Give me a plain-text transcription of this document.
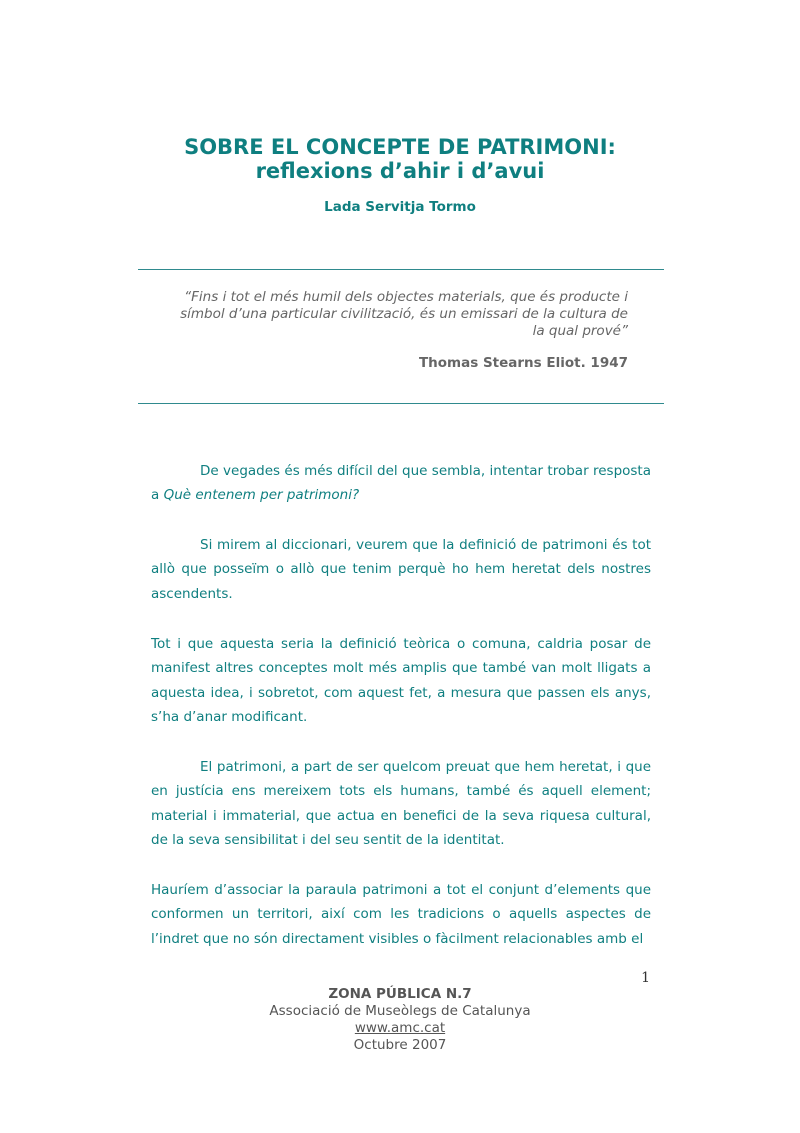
SOBRE EL CONCEPTE DE PATRIMONI:
reflexions d’ahir i d’avui
Lada Servitja Tormo
“Fins i tot el més humil dels objectes materials, que és producte i
símbol d’una particular civilització, és un emissari de la cultura de
la qual prové”
Thomas Stearns Eliot. 1947
De vegades és més difícil del que sembla, intentar trobar resposta a Què entenem per patrimoni?
Si mirem al diccionari, veurem que la definició de patrimoni és tot allò que posseïm o allò que tenim perquè ho hem heretat dels nostres ascendents.
Tot i que aquesta seria la definició teòrica o comuna, caldria posar de manifest altres conceptes molt més amplis que també van molt lligats a aquesta idea, i sobretot, com aquest fet, a mesura que passen els anys, s’ha d’anar modificant.
El patrimoni, a part de ser quelcom preuat que hem heretat, i que en justícia ens mereixem tots els humans, també és aquell element; material i immaterial, que actua en benefici de la seva riquesa cultural, de la seva sensibilitat i del seu sentit de la identitat.
Hauríem d’associar la paraula patrimoni a tot el conjunt d’elements que conformen un territori, així com les tradicions o aquells aspectes de l’indret que no són directament visibles o fàcilment relacionables amb el
1
ZONA PÚBLICA N.7
Associació de Museòlegs de Catalunya
www.amc.cat
Octubre 2007
